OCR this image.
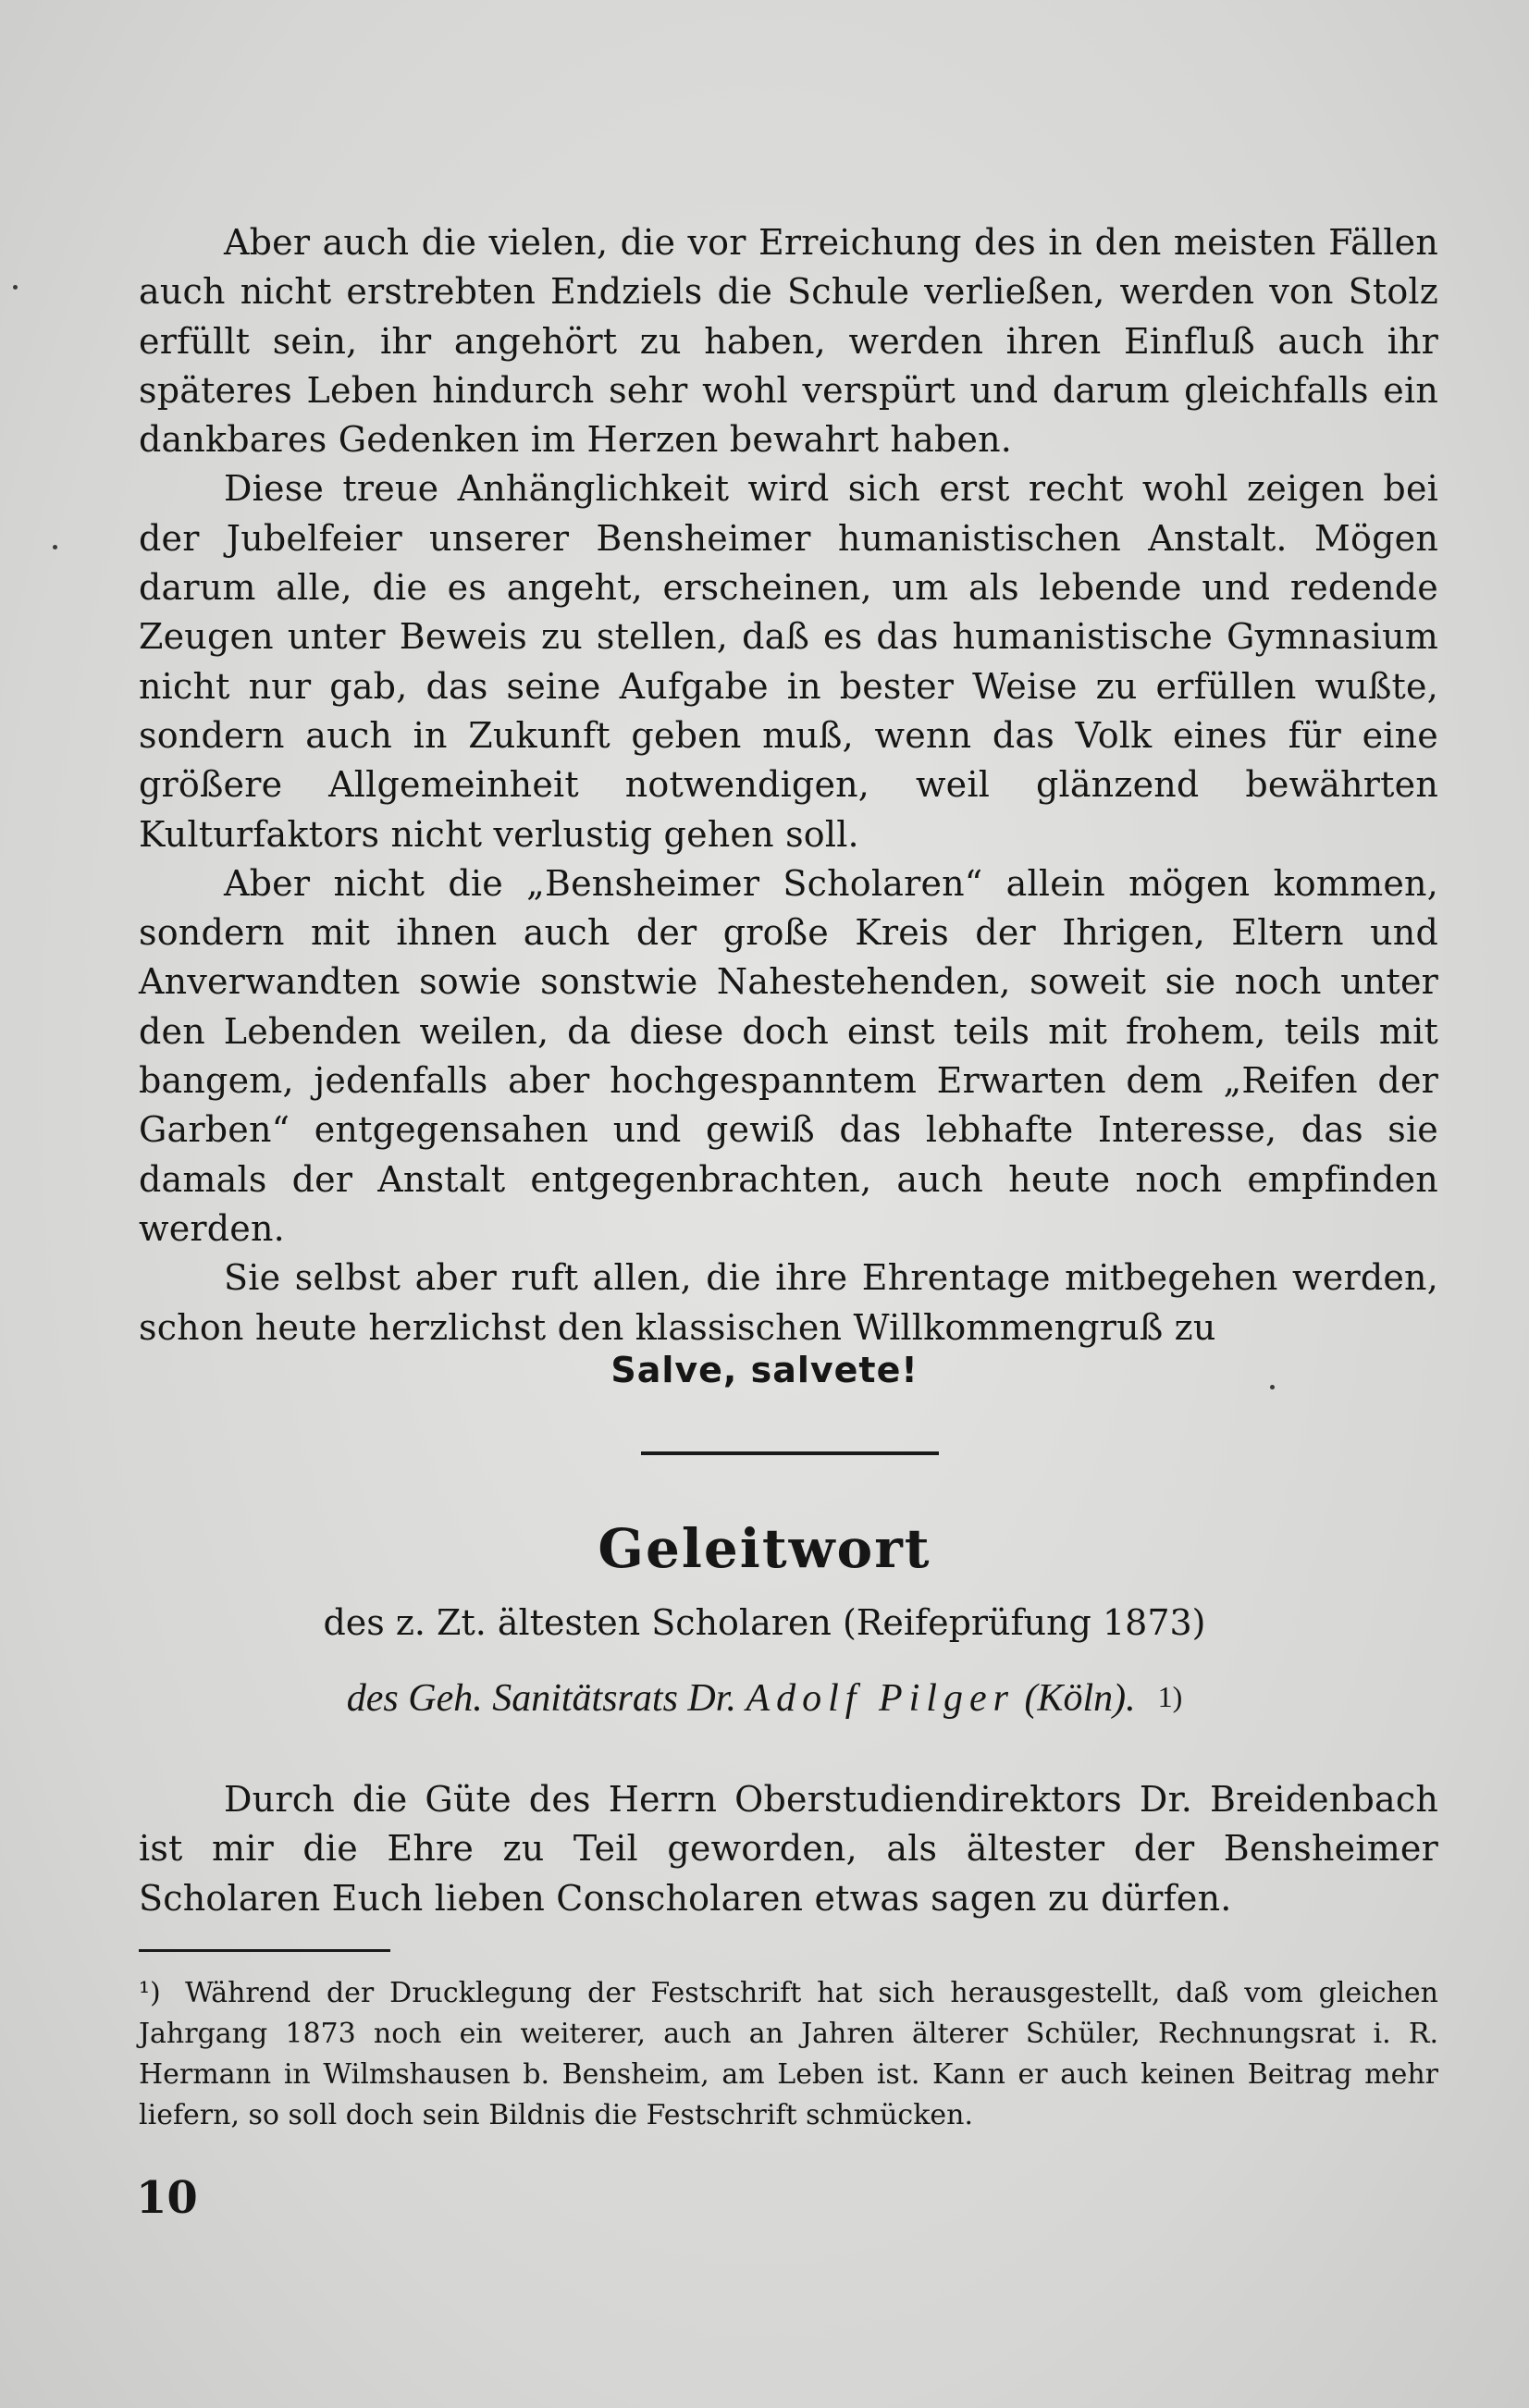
Aber auch die vielen, die vor Erreichung des in den meisten Fällen auch nicht erstrebten Endziels die Schule verließen, werden von Stolz erfüllt sein, ihr angehört zu haben, werden ihren Einfluß auch ihr späteres Leben hindurch sehr wohl verspürt und darum gleichfalls ein dankbares Gedenken im Herzen bewahrt haben.

Diese treue Anhänglichkeit wird sich erst recht wohl zeigen bei der Jubelfeier unserer Bensheimer humanistischen Anstalt. Mögen darum alle, die es angeht, erscheinen, um als lebende und redende Zeugen unter Beweis zu stellen, daß es das humanistische Gymnasium nicht nur gab, das seine Aufgabe in bester Weise zu erfüllen wußte, sondern auch in Zukunft geben muß, wenn das Volk eines für eine größere Allgemeinheit notwendigen, weil glänzend bewährten Kulturfaktors nicht verlustig gehen soll.

Aber nicht die „Bensheimer Scholaren“ allein mögen kommen, sondern mit ihnen auch der große Kreis der Ihrigen, Eltern und Anverwandten sowie sonstwie Nahestehenden, soweit sie noch unter den Lebenden weilen, da diese doch einst teils mit frohem, teils mit bangem, jedenfalls aber hochgespanntem Erwarten dem „Reifen der Garben“ entgegensahen und gewiß das lebhafte Interesse, das sie damals der Anstalt entgegenbrachten, auch heute noch empfinden werden.

Sie selbst aber ruft allen, die ihre Ehrentage mitbegehen werden, schon heute herzlichst den klassischen Willkommengruß zu

Salve, salvete!
Geleitwort
des z. Zt. ältesten Scholaren (Reifeprüfung 1873)
des Geh. Sanitätsrats Dr. Adolf Pilger (Köln). $^{1)}$

Durch die Güte des Herrn Oberstudiendirektors Dr. Breidenbach ist mir die Ehre zu Teil geworden, als ältester der Bensheimer Scholaren Euch lieben Conscholaren etwas sagen zu dürfen.

¹) Während der Drucklegung der Festschrift hat sich herausgestellt, daß vom gleichen Jahrgang 1873 noch ein weiterer, auch an Jahren älterer Schüler, Rechnungsrat i. R. Hermann in Wilmshausen b. Bensheim, am Leben ist. Kann er auch keinen Beitrag mehr liefern, so soll doch sein Bildnis die Festschrift schmücken.
10
